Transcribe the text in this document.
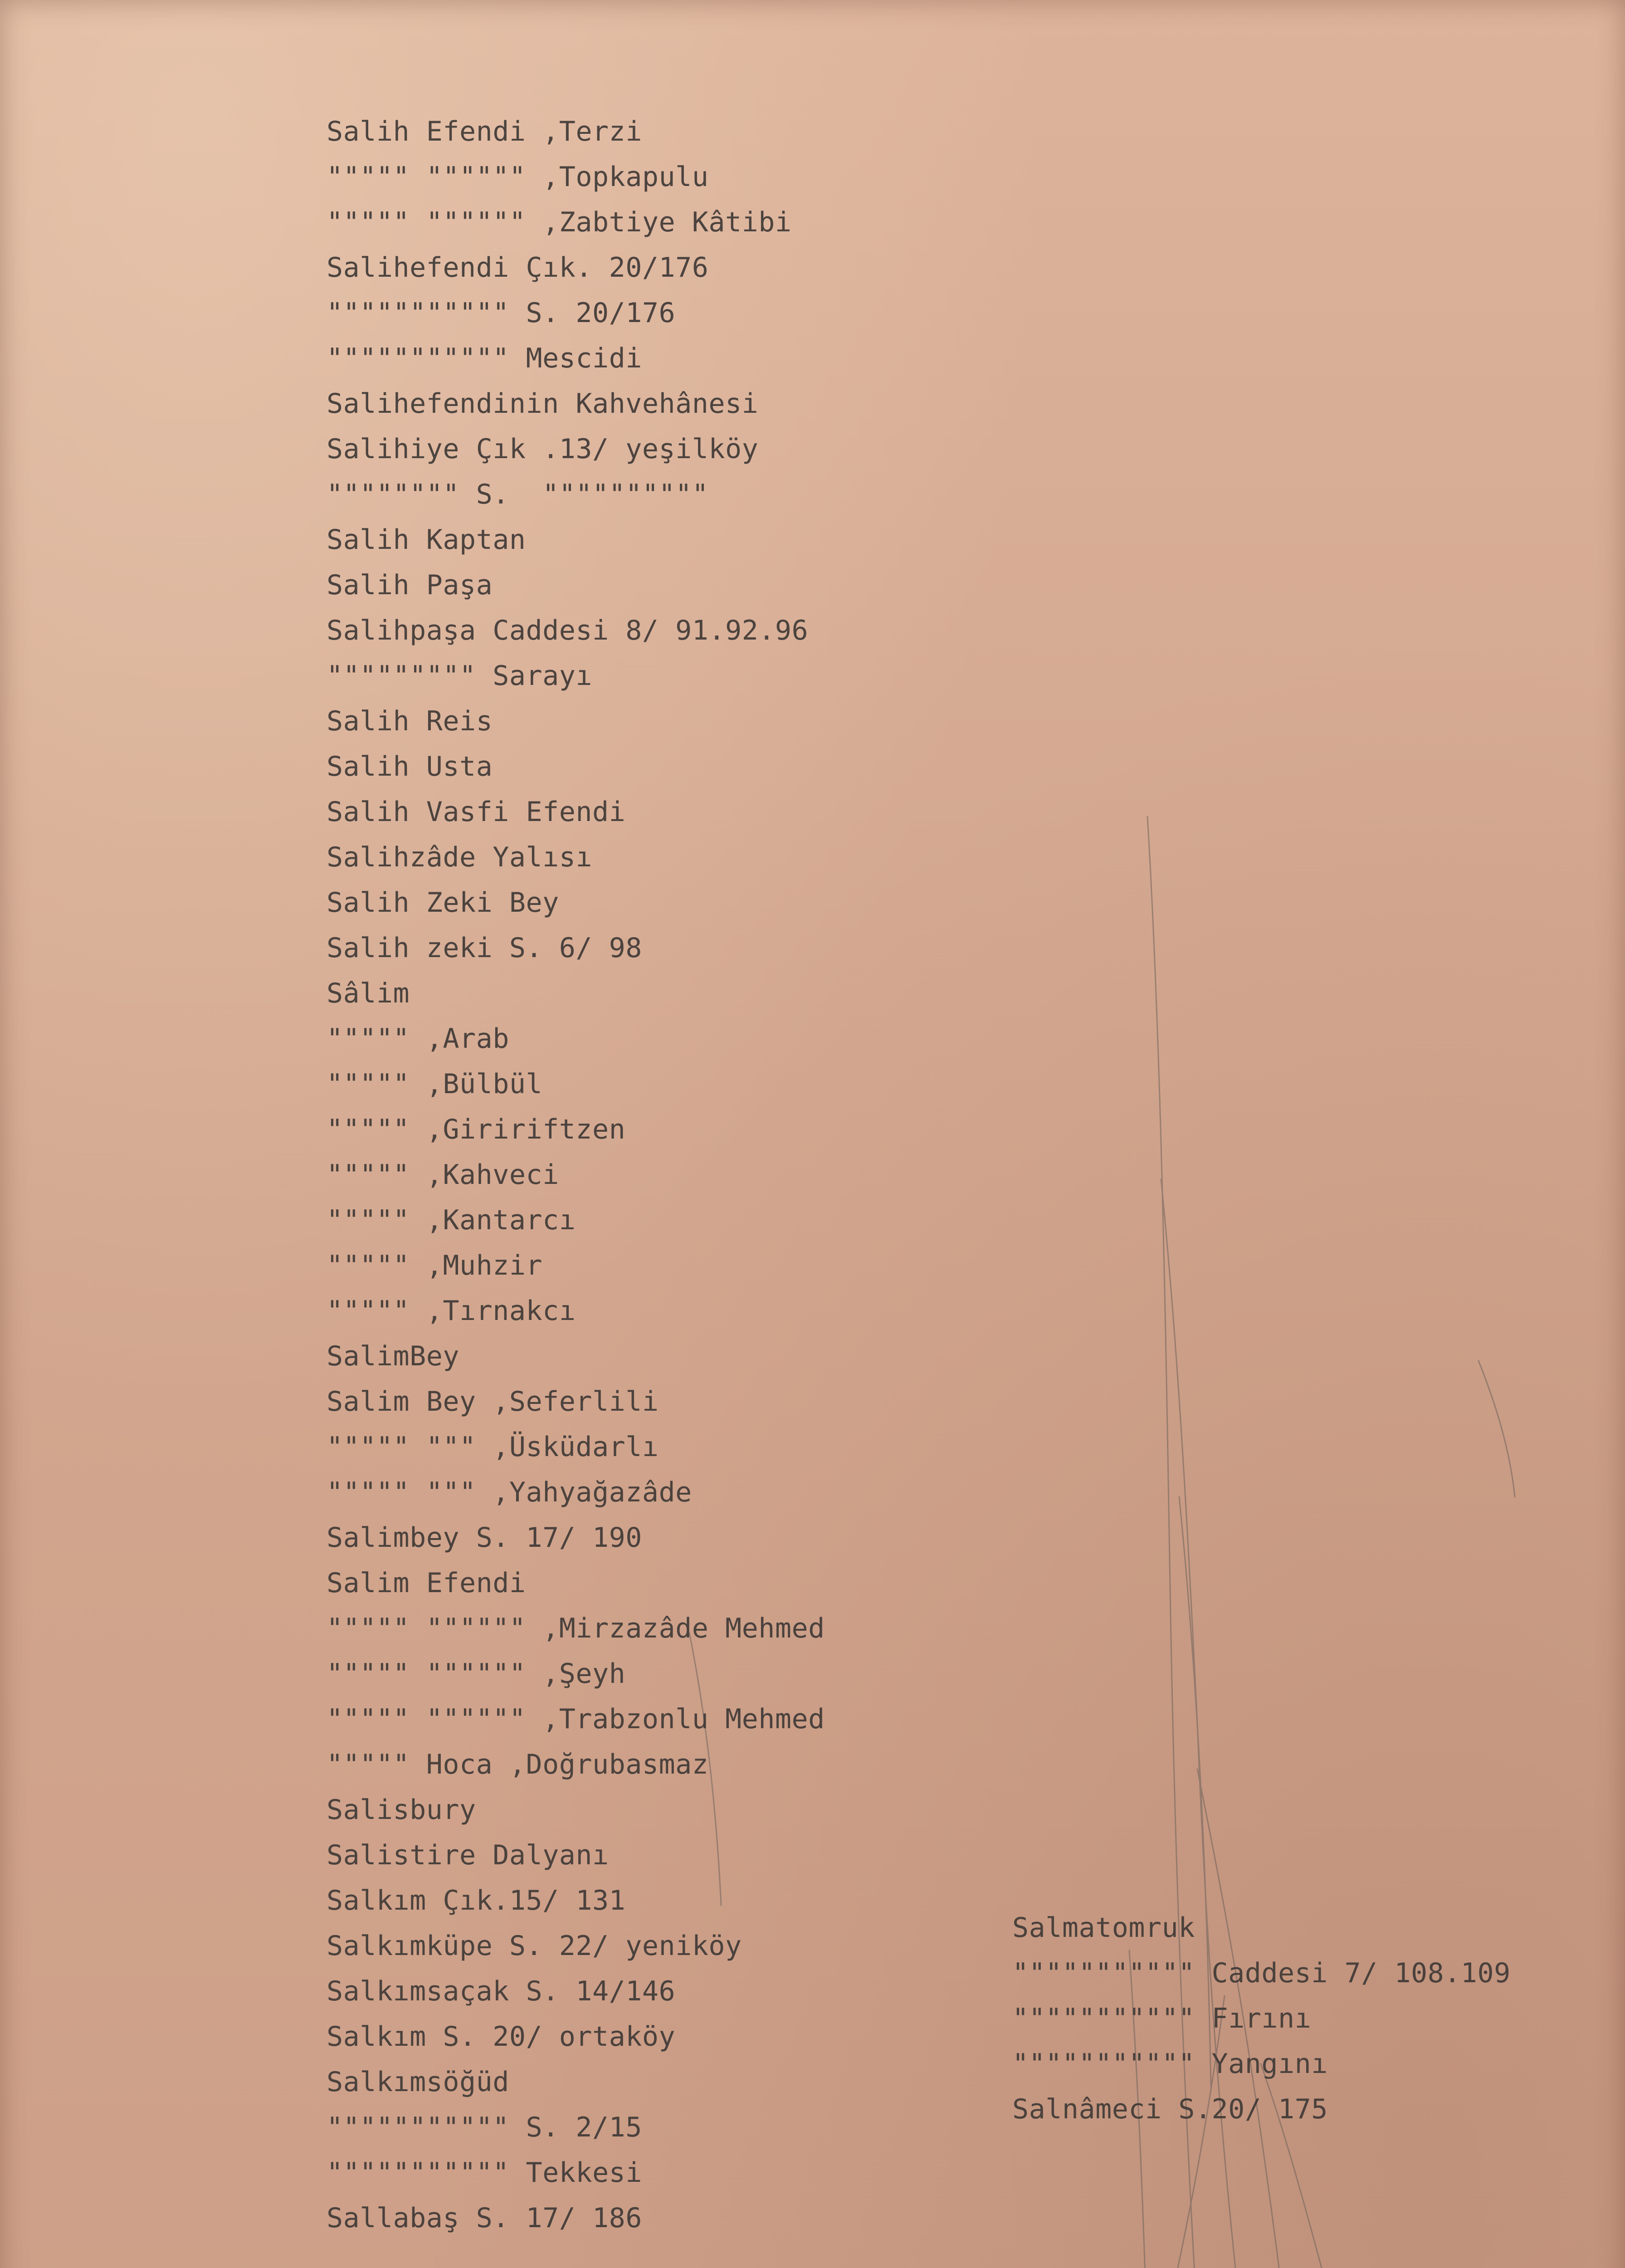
Salih Efendi ,Terzi
""""" """""" ,Topkapulu
""""" """""" ,Zabtiye Kâtibi
Salihefendi Çık. 20/176
""""""""""" S. 20/176
""""""""""" Mescidi
Salihefendinin Kahvehânesi
Salihiye Çık .13/ yeşilköy
"""""""" S.  """"""""""
Salih Kaptan
Salih Paşa
Salihpaşa Caddesi 8/ 91.92.96
""""""""" Sarayı
Salih Reis
Salih Usta
Salih Vasfi Efendi
Salihzâde Yalısı
Salih Zeki Bey
Salih zeki S. 6/ 98
Sâlim
""""" ,Arab
""""" ,Bülbül
""""" ,Giririftzen
""""" ,Kahveci
""""" ,Kantarcı
""""" ,Muhzir
""""" ,Tırnakcı
SalimBey
Salim Bey ,Seferlili
""""" """ ,Üsküdarlı
""""" """ ,Yahyağazâde
Salimbey S. 17/ 190
Salim Efendi
""""" """""" ,Mirzazâde Mehmed
""""" """""" ,Şeyh
""""" """""" ,Trabzonlu Mehmed
""""" Hoca ,Doğrubasmaz
Salisbury
Salistire Dalyanı
Salkım Çık.15/ 131
Salkımküpe S. 22/ yeniköy
Salkımsaçak S. 14/146
Salkım S. 20/ ortaköy
Salkımsöğüd
""""""""""" S. 2/15
""""""""""" Tekkesi
Sallabaş S. 17/ 186
Salmatomruk
""""""""""" Caddesi 7/ 108.109
""""""""""" Fırını
""""""""""" Yangını
Salnâmeci S.20/ 175
